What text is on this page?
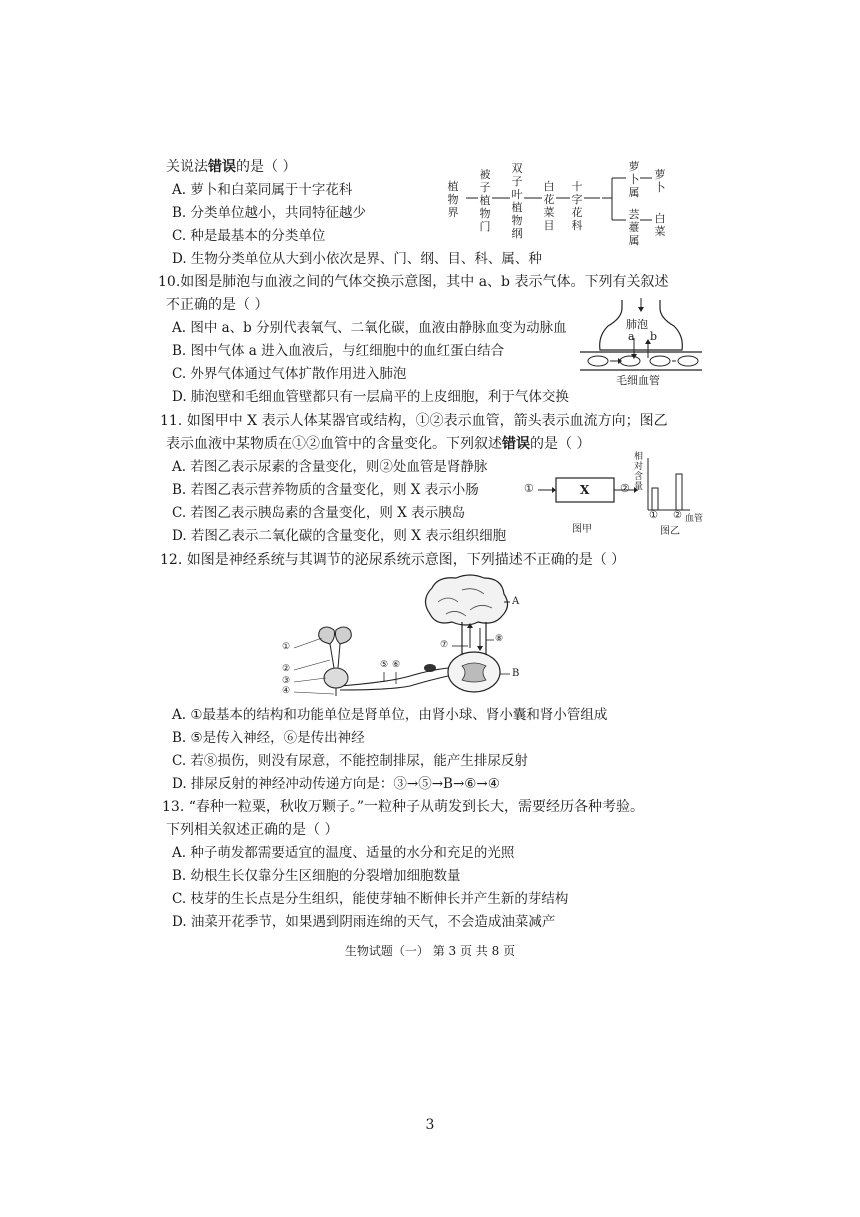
关说法错误的是（ ）
A. 萝卜和白菜同属于十字花科
B. 分类单位越小，共同特征越少
C. 种是最基本的分类单位
D. 生物分类单位从大到小依次是界、门、纲、目、科、属、种
植物界
被子植物门
双子叶植物纲
白花菜目
十字花科
萝卜属
芸薹属
萝卜
白菜
10.如图是肺泡与血液之间的气体交换示意图，其中 a、b 表示气体。下列有关叙述
不正确的是（ ）
A. 图中 a、b 分别代表氧气、二氧化碳，血液由静脉血变为动脉血
B. 图中气体 a 进入血液后，与红细胞中的血红蛋白结合
C. 外界气体通过气体扩散作用进入肺泡
D. 肺泡壁和毛细血管壁都只有一层扁平的上皮细胞，利于气体交换
肺泡
a b
毛细血管
11. 如图甲中 X 表示人体某器官或结构，①②表示血管，箭头表示血流方向；图乙
表示血液中某物质在①②血管中的含量变化。下列叙述错误的是（ ）
A. 若图乙表示尿素的含量变化，则②处血管是肾静脉
B. 若图乙表示营养物质的含量变化，则 X 表示小肠
C. 若图乙表示胰岛素的含量变化，则 X 表示胰岛
D. 若图乙表示二氧化碳的含量变化，则 X 表示组织细胞
①	X	②
图甲
相对含量
① ② 血管
图乙
12. 如图是神经系统与其调节的泌尿系统示意图，下列描述不正确的是（ ）
A
B
①
②
③
④
⑤ ⑥
⑦
⑧
A. ①最基本的结构和功能单位是肾单位，由肾小球、肾小囊和肾小管组成
B. ⑤是传入神经，⑥是传出神经
C. 若⑧损伤，则没有尿意，不能控制排尿，能产生排尿反射
D. 排尿反射的神经冲动传递方向是：③→⑤→B→⑥→④
13. “春种一粒粟，秋收万颗子。”一粒种子从萌发到长大，需要经历各种考验。
下列相关叙述正确的是（ ）
A. 种子萌发都需要适宜的温度、适量的水分和充足的光照
B. 幼根生长仅靠分生区细胞的分裂增加细胞数量
C. 枝芽的生长点是分生组织，能使芽轴不断伸长并产生新的芽结构
D. 油菜开花季节，如果遇到阴雨连绵的天气，不会造成油菜减产
生物试题（一） 第 3 页 共 8 页
3
